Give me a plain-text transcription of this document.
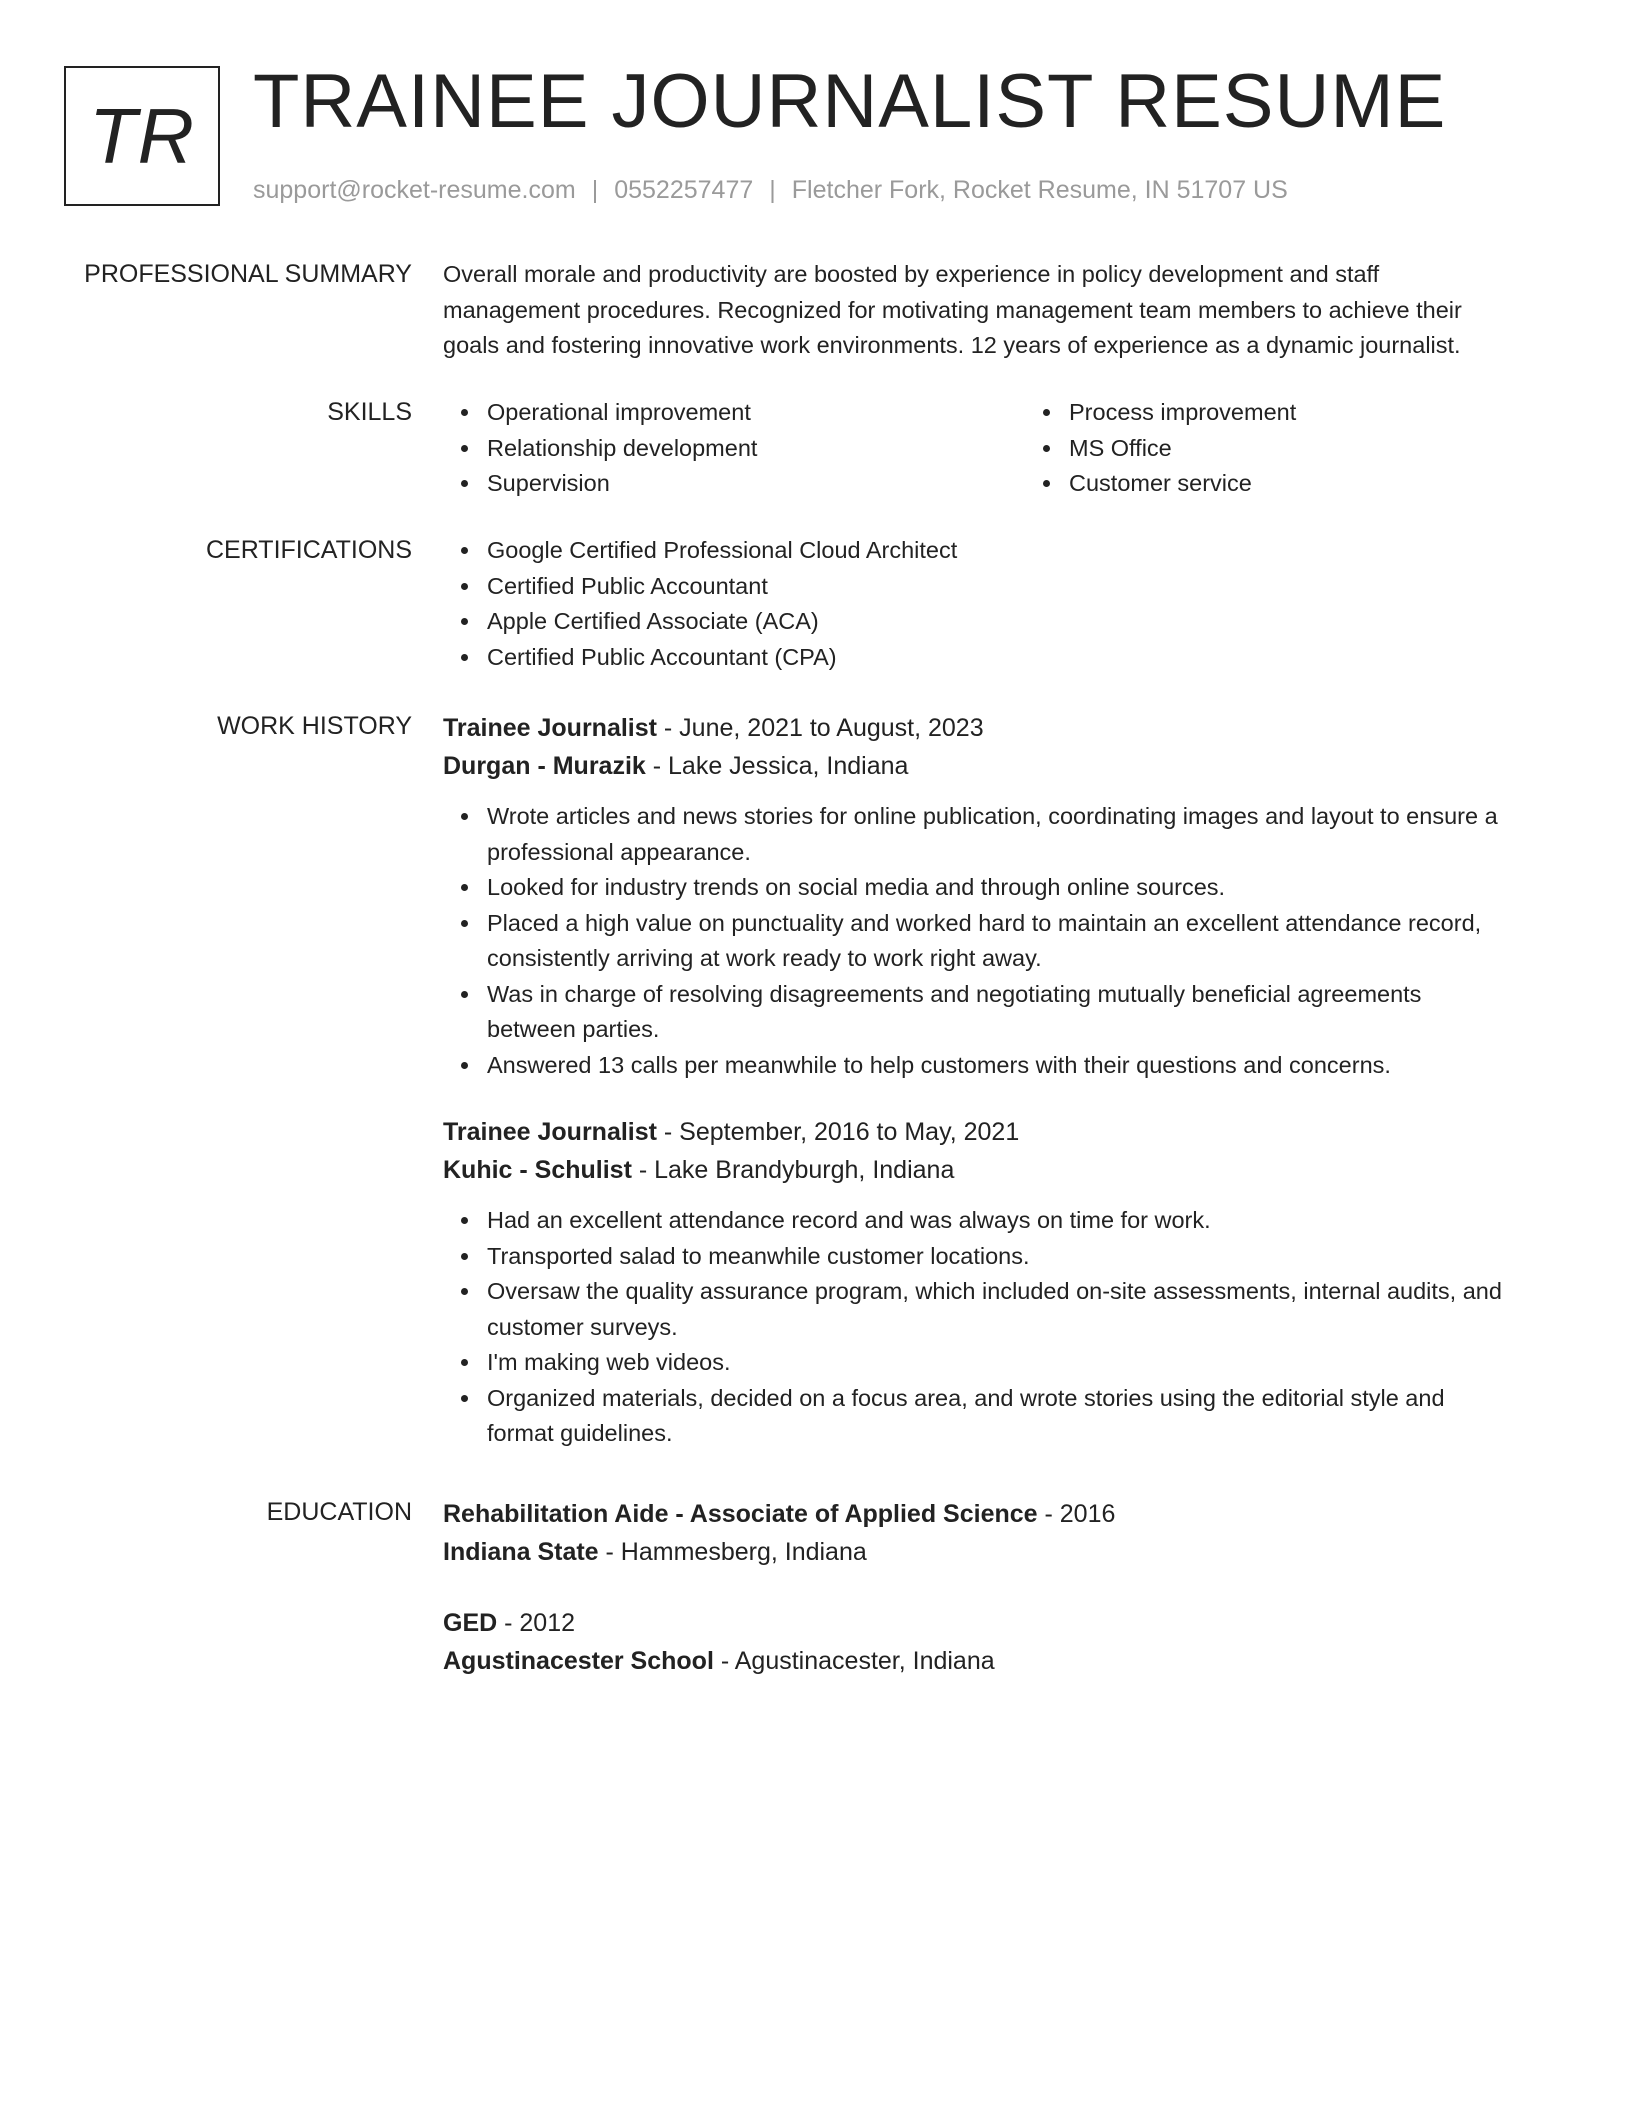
TR TRAINEE JOURNALIST RESUME
support@rocket-resume.com | 0552257477 | Fletcher Fork, Rocket Resume, IN 51707 US
PROFESSIONAL SUMMARY Overall morale and productivity are boosted by experience in policy development and staff
management procedures. Recognized for motivating management team members to achieve their
goals and fostering innovative work environments. 12 years of experience as a dynamic journalist.
SKILLS	Operational improvement
Relationship development
Supervision
Process improvement
MS Office
Customer service
CERTIFICATIONS	Google Certified Professional Cloud Architect
Certified Public Accountant
Apple Certified Associate (ACA)
Certified Public Accountant (CPA)
WORK HISTORY Trainee Journalist - June, 2021 to August, 2023
Durgan - Murazik - Lake Jessica, Indiana
Wrote articles and news stories for online publication, coordinating images and layout to ensure a
professional appearance.
Looked for industry trends on social media and through online sources.
Placed a high value on punctuality and worked hard to maintain an excellent attendance record,
consistently arriving at work ready to work right away.
Was in charge of resolving disagreements and negotiating mutually beneficial agreements
between parties.
Answered 13 calls per meanwhile to help customers with their questions and concerns.
Trainee Journalist - September, 2016 to May, 2021
Kuhic - Schulist - Lake Brandyburgh, Indiana
Had an excellent attendance record and was always on time for work.
Transported salad to meanwhile customer locations.
Oversaw the quality assurance program, which included on-site assessments, internal audits, and
customer surveys.
I'm making web videos.
Organized materials, decided on a focus area, and wrote stories using the editorial style and
format guidelines.
EDUCATION Rehabilitation Aide - Associate of Applied Science - 2016
Indiana State - Hammesberg, Indiana
GED - 2012
Agustinacester School - Agustinacester, Indiana
